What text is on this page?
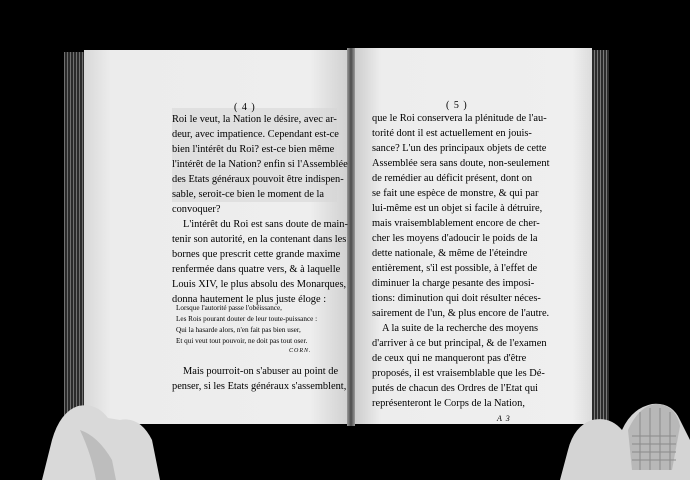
( 4 )
Roi le veut, la Nation le désire, avec ar-
deur, avec impatience. Cependant est-ce
bien l'intérêt du Roi? est-ce bien même
l'intérêt de la Nation? enfin si l'Assemblée
des Etats généraux pouvoit être indispen-
sable, seroit-ce bien le moment de la
convoquer?
L'intérêt du Roi est sans doute de main-
tenir son autorité, en la contenant dans les
bornes que prescrit cette grande maxime
renfermée dans quatre vers, & à laquelle
Louis XIV, le plus absolu des Monarques,
donna hautement le plus juste éloge :
Lorsque l'autorité passe l'obéissance,
Les Rois pourant douter de leur toute-puissance :
Qui la hasarde alors, n'en fait pas bien user,
Et qui veut tout pouvoir, ne doit pas tout oser.
CORN.
Mais pourroit-on s'abuser au point de
penser, si les Etats généraux s'assemblent,
( 5 )
que le Roi conservera la plénitude de l'au-
torité dont il est actuellement en jouis-
sance? L'un des principaux objets de cette
Assemblée sera sans doute, non-seulement
de remédier au déficit présent, dont on
se fait une espèce de monstre, & qui par
lui-même est un objet si facile à détruire,
mais vraisemblablement encore de cher-
cher les moyens d'adoucir le poids de la
dette nationale, & même de l'éteindre
entièrement, s'il est possible, à l'effet de
diminuer la charge pesante des imposi-
tions: diminution qui doit résulter néces-
sairement de l'un, & plus encore de l'autre.
A la suite de la recherche des moyens
d'arriver à ce but principal, & de l'examen
de ceux qui ne manqueront pas d'être
proposés, il est vraisemblable que les Dé-
putés de chacun des Ordres de l'Etat qui
représenteront le Corps de la Nation,
A 3
